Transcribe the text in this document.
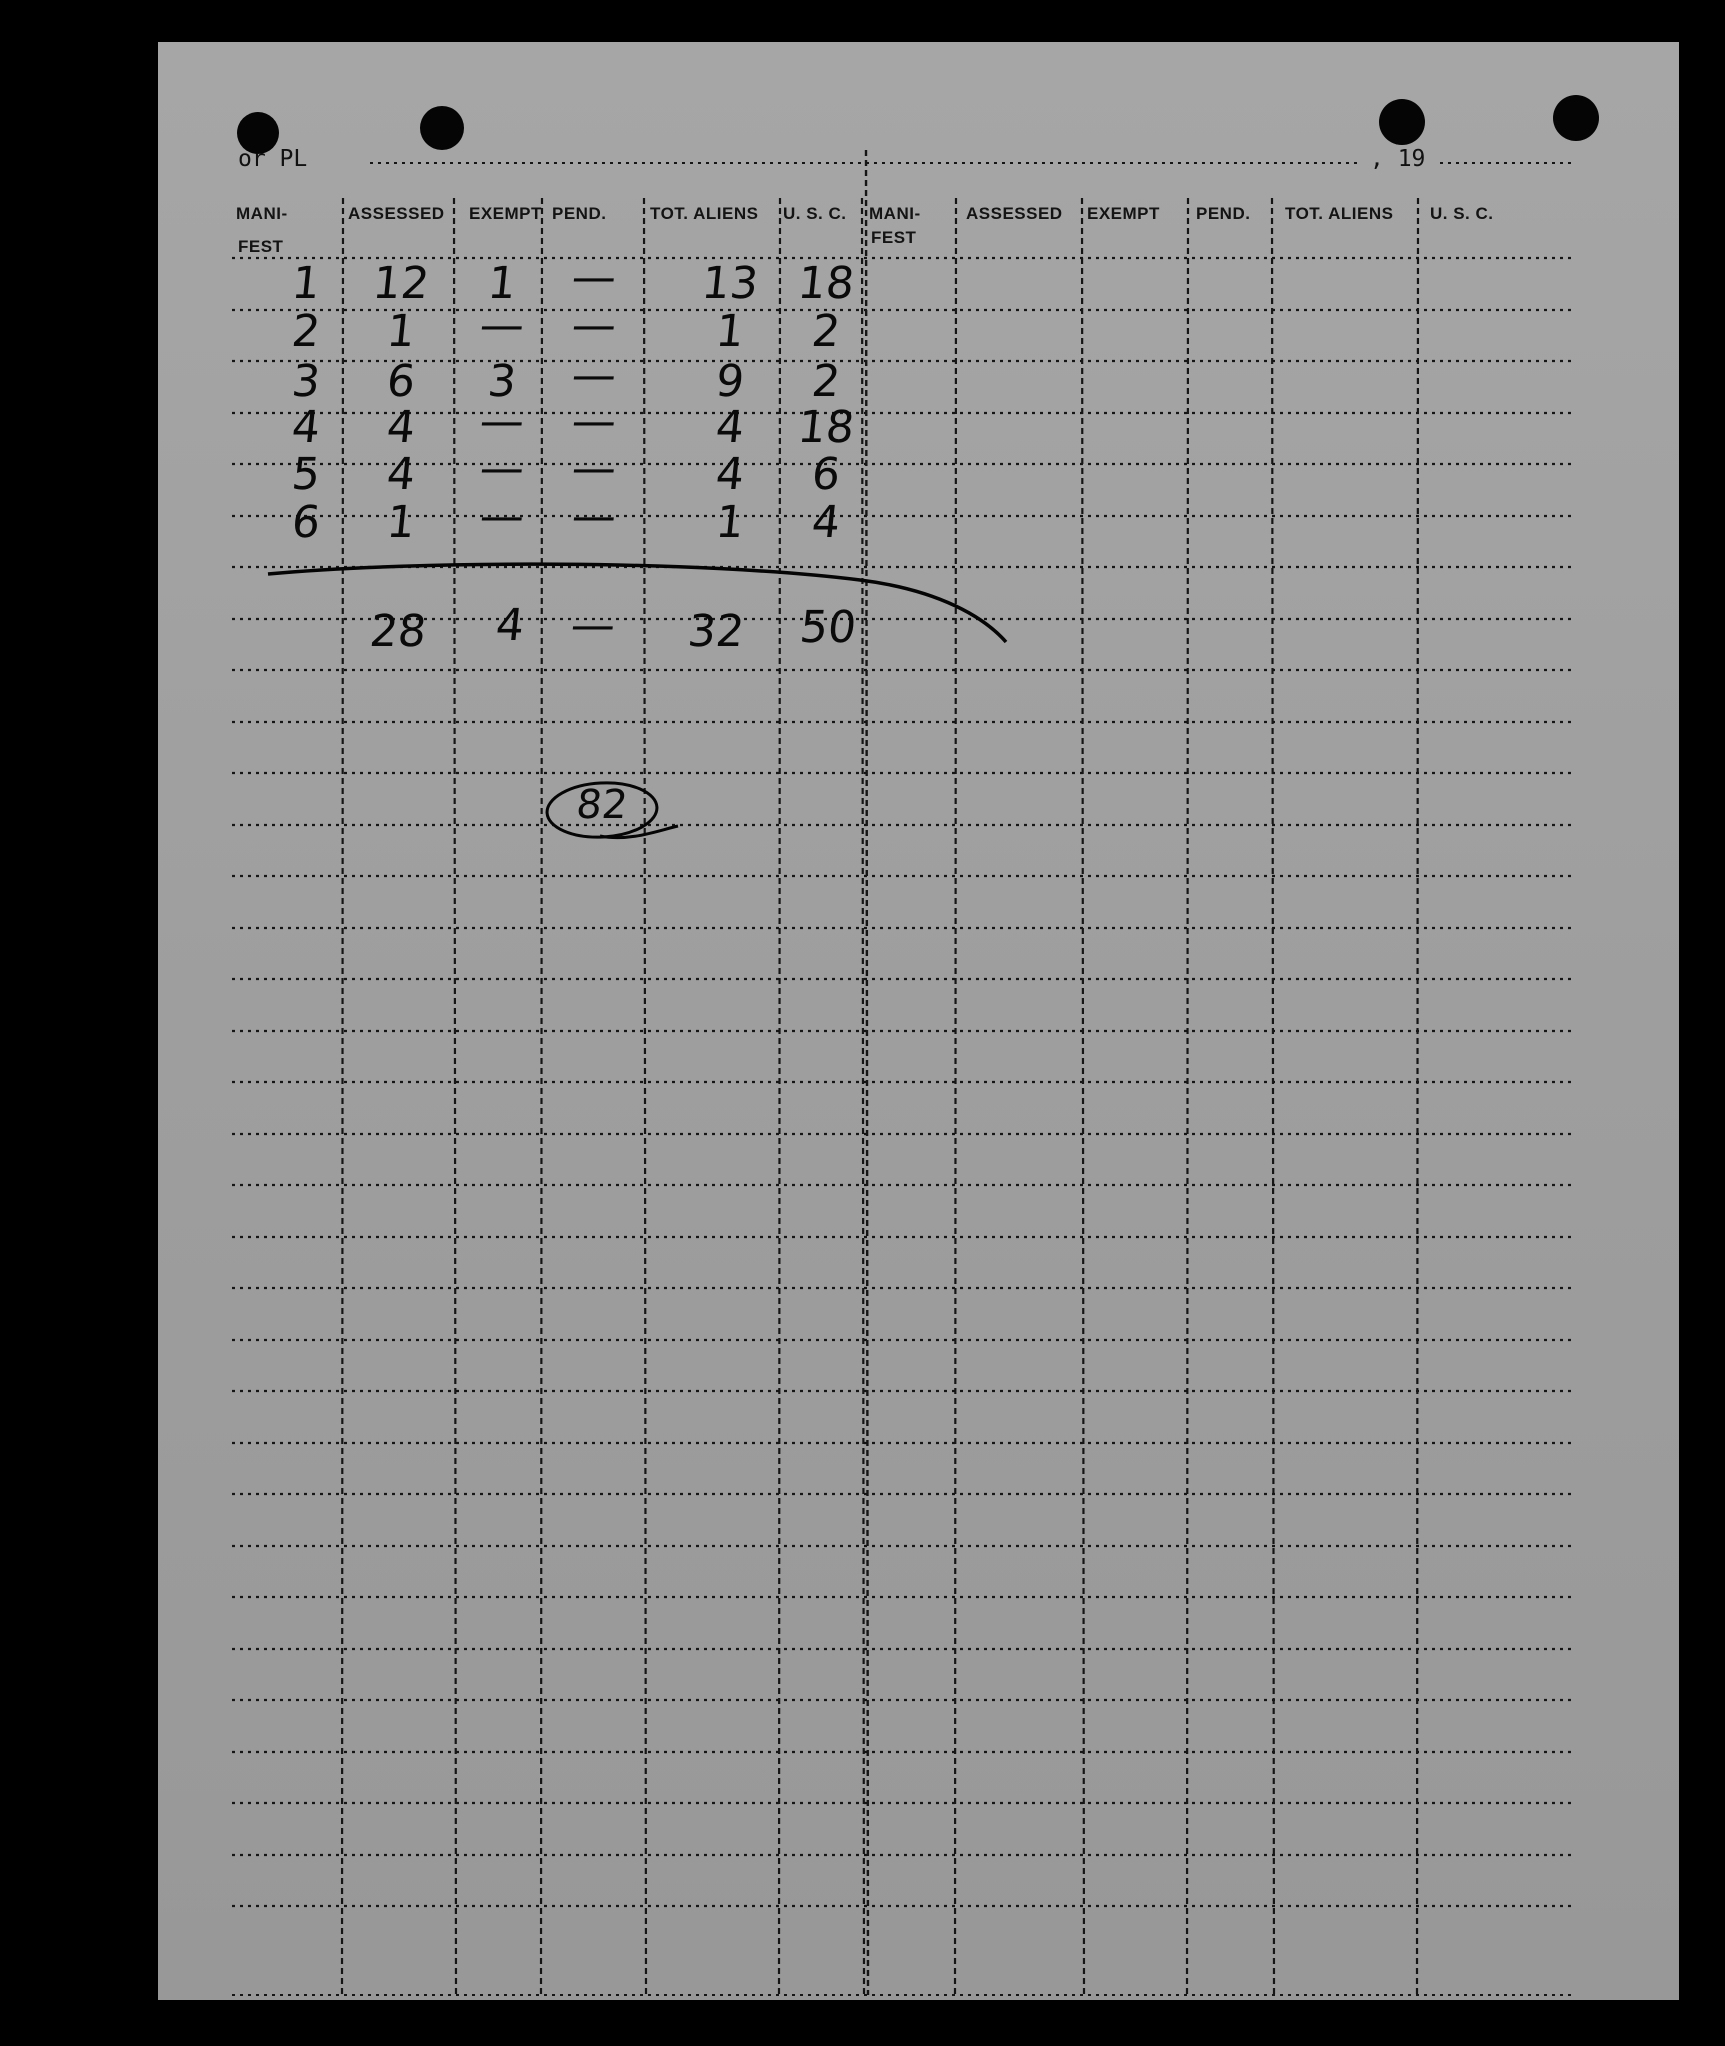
or PL	, 19
MANI-
FEST
ASSESSED EXEMPT PEND.	TOT. ALIENS U. S. C. MANI-
FEST
ASSESSED EXEMPT PEND. TOT. ALIENS U. S. C.
1 12 1 — 13 18
2 1 — — 1 2
3 6 3 — 9 2
4 4 — — 4 18
5 4 — — 4 6
6 1 — — 1 4
28 4 — 32 50
82
